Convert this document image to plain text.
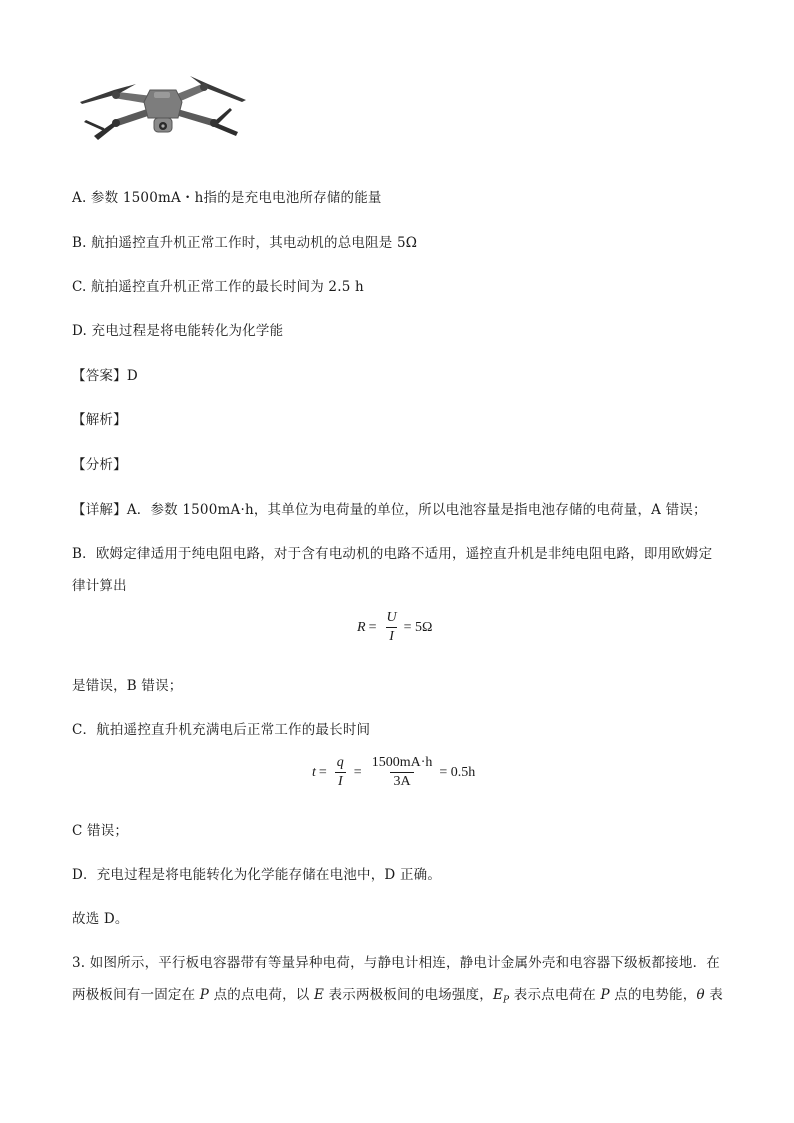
A. 参数 1500mA・h指的是充电电池所存储的能量
B. 航拍遥控直升机正常工作时，其电动机的总电阻是 5Ω
C. 航拍遥控直升机正常工作的最长时间为 2.5 h
D. 充电过程是将电能转化为化学能
【答案】D
【解析】
【分析】
【详解】A．参数 1500mA·h，其单位为电荷量的单位，所以电池容量是指电池存储的电荷量，A 错误；
B．欧姆定律适用于纯电阻电路，对于含有电动机的电路不适用，遥控直升机是非纯电阻电路，即用欧姆定
律计算出
$R = \frac{U}{I} = 5\Omega$
是错误，B 错误；
C．航拍遥控直升机充满电后正常工作的最长时间
$t = \frac{q}{I} = \frac{1500mA\cdot h}{3A} = 0.5h$
C 错误；
D．充电过程是将电能转化为化学能存储在电池中，D 正确。
故选 D。
3. 如图所示，平行板电容器带有等量异种电荷，与静电计相连，静电计金属外壳和电容器下级板都接地．在
两极板间有一固定在 P 点的点电荷，以 E 表示两极板间的电场强度，$E_P$ 表示点电荷在 P 点的电势能，θ 表
